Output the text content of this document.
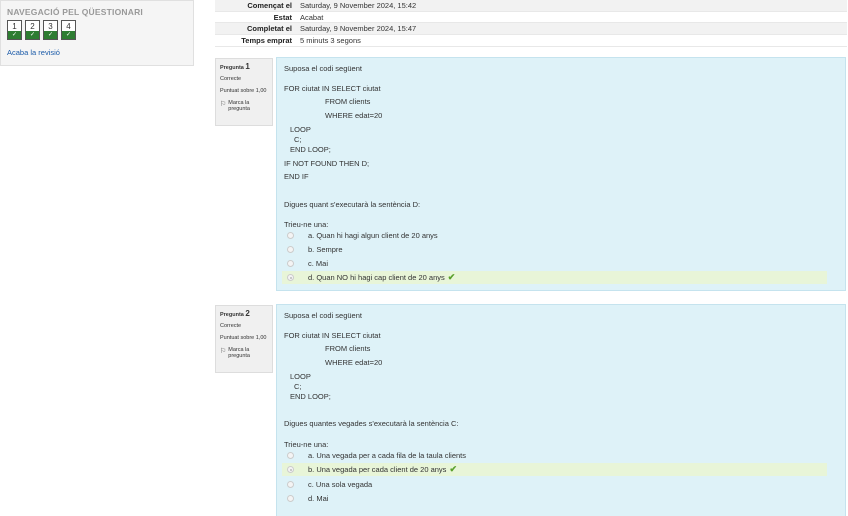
NAVEGACIÓ PEL QÜESTIONARI
1
✓
2
✓
3
✓
4
✓
Acaba la revisió
Començat el	Saturday, 9 November 2024, 15:42
Estat	Acabat
Completat el	Saturday, 9 November 2024, 15:47
Temps emprat	5 minuts 3 segons
Pregunta 1
Correcte
Puntuat sobre 1,00
⚐ Marca la pregunta
Suposa el codi següent
FOR ciutat IN SELECT ciutat
FROM clients
WHERE edat=20
LOOP
C;
END LOOP;
IF NOT FOUND THEN D;
END IF
Digues quant s'executarà la sentència D:
Trieu-ne una:
a. Quan hi hagi algun client de 20 anys
b. Sempre
c. Mai
d. Quan NO hi hagi cap client de 20 anys ✔
Pregunta 2
Correcte
Puntuat sobre 1,00
⚐ Marca la pregunta
Suposa el codi següent
FOR ciutat IN SELECT ciutat
FROM clients
WHERE edat=20
LOOP
C;
END LOOP;
Digues quantes vegades s'executarà la sentència C:
Trieu-ne una:
a. Una vegada per a cada fila de la taula clients
b. Una vegada per cada client de 20 anys ✔
c. Una sola vegada
d. Mai
